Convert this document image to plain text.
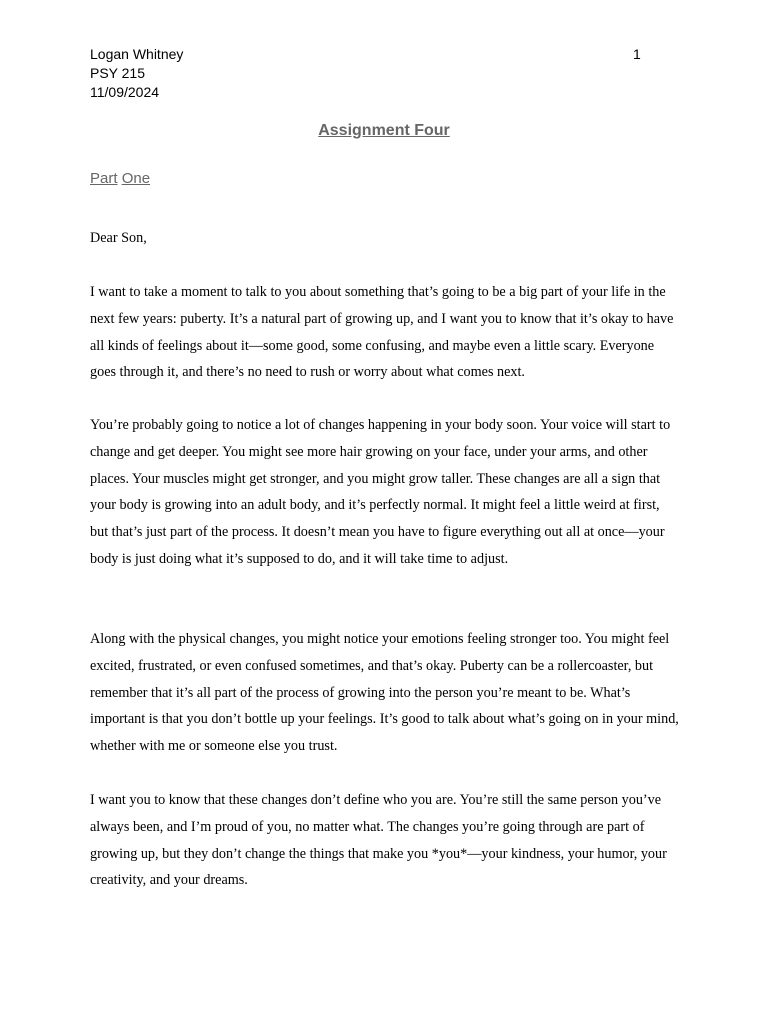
Logan Whitney
PSY 215
11/09/2024
1
Assignment Four
Part One

Dear Son,

I want to take a moment to talk to you about something that’s going to be a big part of your life in the next few years: puberty. It’s a natural part of growing up, and I want you to know that it’s okay to have all kinds of feelings about it—some good, some confusing, and maybe even a little scary. Everyone goes through it, and there’s no need to rush or worry about what comes next.

You’re probably going to notice a lot of changes happening in your body soon. Your voice will start to change and get deeper. You might see more hair growing on your face, under your arms, and other places. Your muscles might get stronger, and you might grow taller. These changes are all a sign that your body is growing into an adult body, and it’s perfectly normal. It might feel a little weird at first, but that’s just part of the process. It doesn’t mean you have to figure everything out all at once—your body is just doing what it’s supposed to do, and it will take time to adjust.

Along with the physical changes, you might notice your emotions feeling stronger too. You might feel excited, frustrated, or even confused sometimes, and that’s okay. Puberty can be a rollercoaster, but remember that it’s all part of the process of growing into the person you’re meant to be. What’s important is that you don’t bottle up your feelings. It’s good to talk about what’s going on in your mind, whether with me or someone else you trust.

I want you to know that these changes don’t define who you are. You’re still the same person you’ve always been, and I’m proud of you, no matter what. The changes you’re going through are part of growing up, but they don’t change the things that make you *you*—your kindness, your humor, your creativity, and your dreams.
